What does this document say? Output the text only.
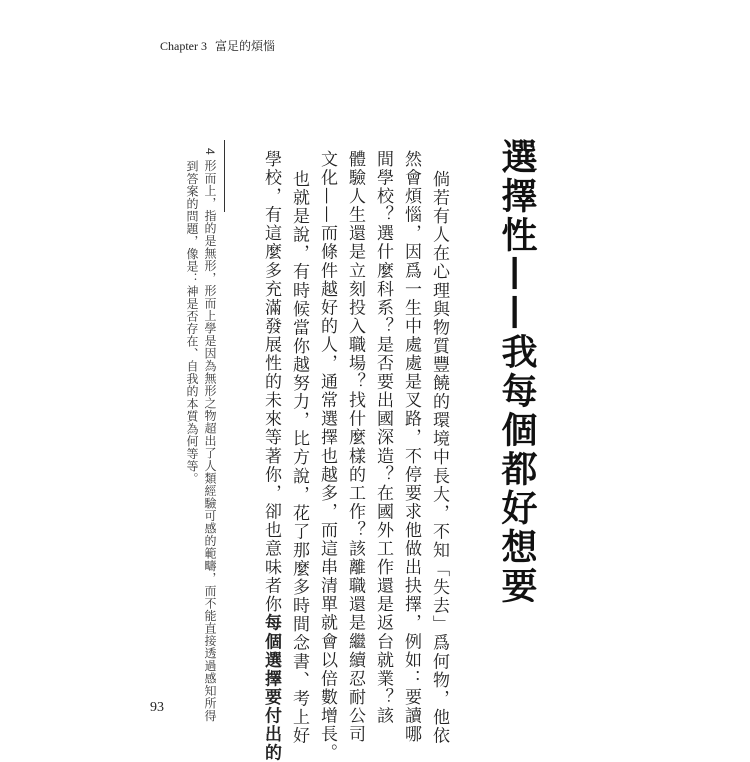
Chapter 3 富足的煩惱
選擇性——我每個都好想要
倘若有人在心理與物質豐饒的環境中長大，不知「失去」爲何物，他依
然會煩惱，因爲一生中處處是叉路，不停要求他做出抉擇，例如：要讀哪
間學校？選什麼科系？是否要出國深造？在國外工作還是返台就業？該
體驗人生還是立刻投入職場？找什麼樣的工作？該離職還是繼續忍耐公司
文化——而條件越好的人，通常選擇也越多，而這串清單就會以倍數增長。
也就是說，有時候當你越努力，比方說，花了那麼多時間念書、考上好
學校，有這麼多充滿發展性的未來等著你，卻也意味者你每個選擇要付出的
4 形而上，指的是無形，形而上學是因為無形之物超出了人類經驗可感的範疇，而不能直接透過感知所得
到答案的問題，像是：神是否存在、自我的本質為何等等。
93
